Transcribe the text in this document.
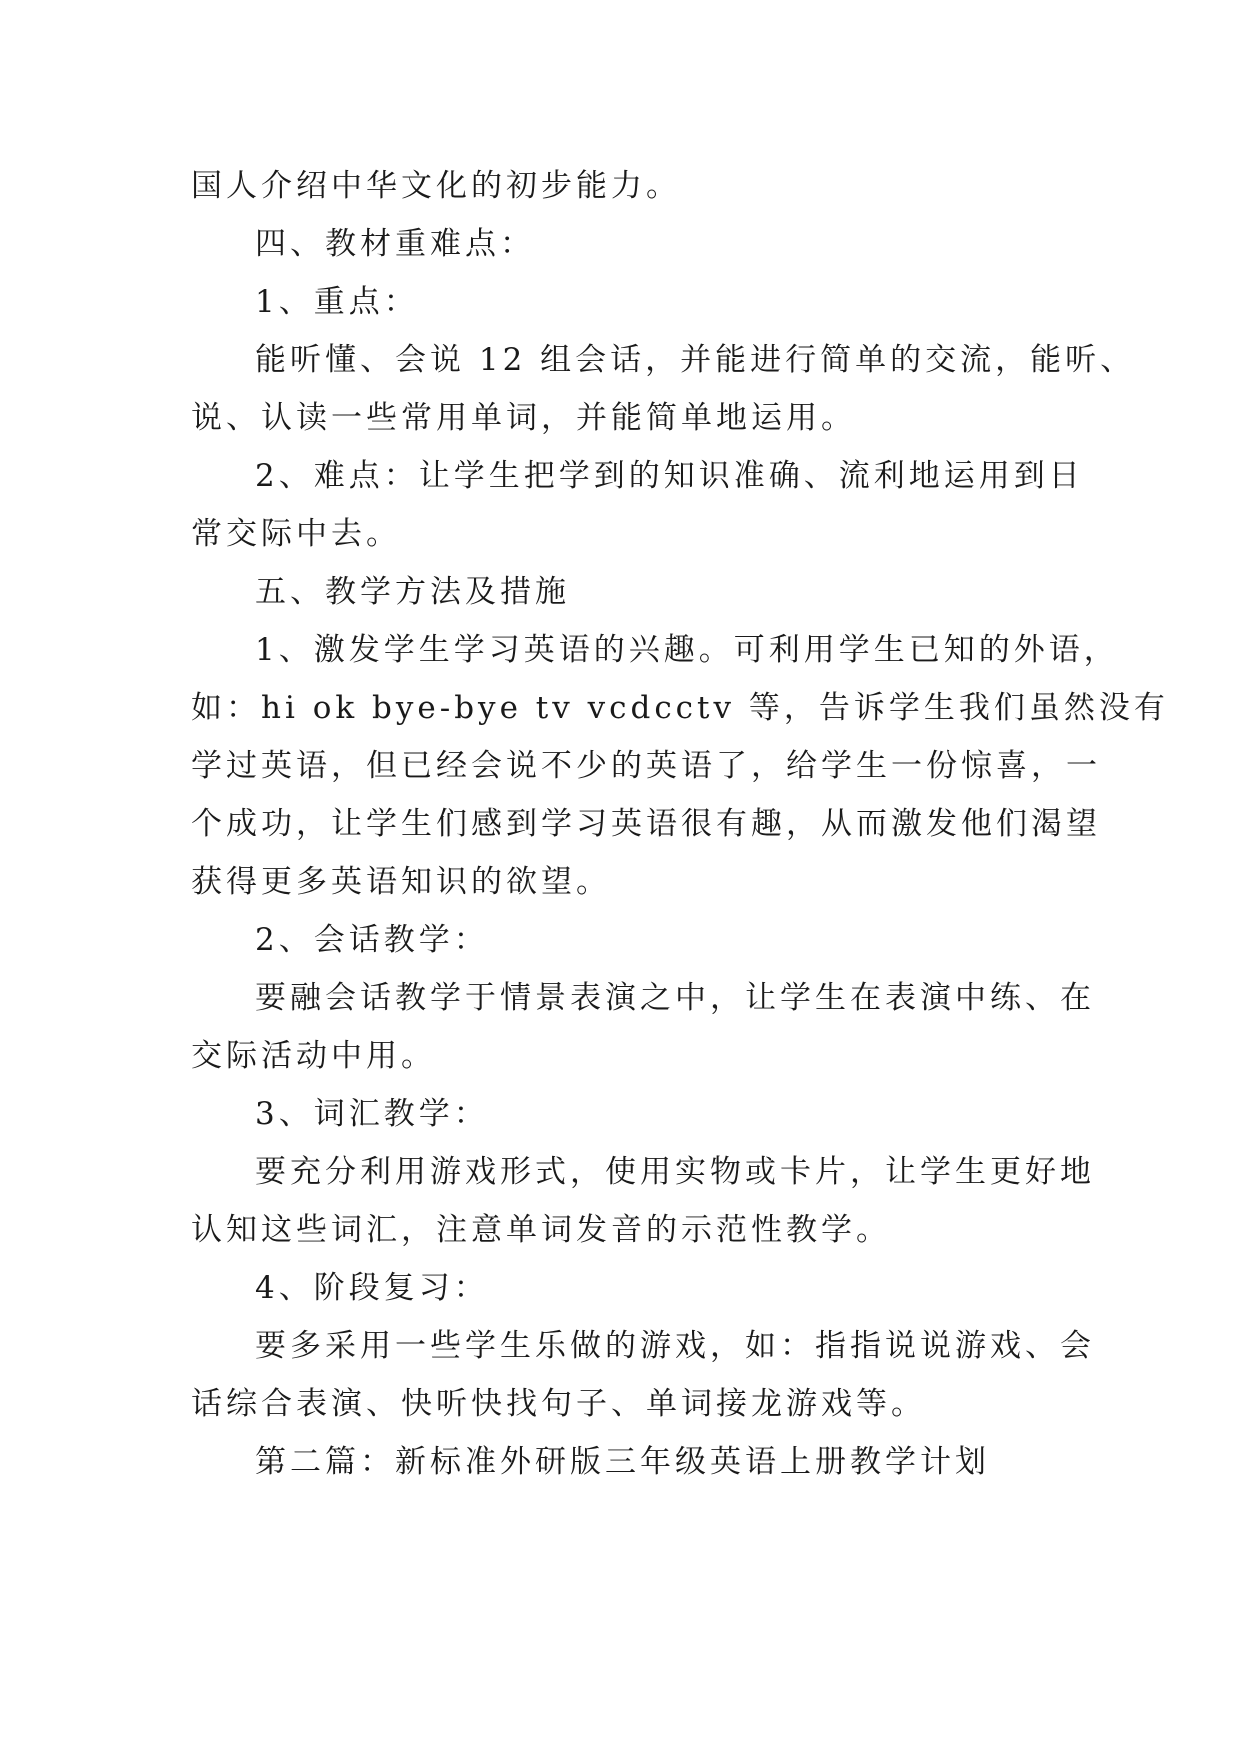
国人介绍中华文化的初步能力。

四、教材重难点：

1、重点：

能听懂、会说 12 组会话，并能进行简单的交流，能听、

说、认读一些常用单词，并能简单地运用。

2、难点：让学生把学到的知识准确、流利地运用到日

常交际中去。

五、教学方法及措施

1、激发学生学习英语的兴趣。可利用学生已知的外语，

如：hi ok bye-bye tv vcdcctv 等，告诉学生我们虽然没有

学过英语，但已经会说不少的英语了，给学生一份惊喜，一

个成功，让学生们感到学习英语很有趣，从而激发他们渴望

获得更多英语知识的欲望。

2、会话教学：

要融会话教学于情景表演之中，让学生在表演中练、在

交际活动中用。

3、词汇教学：

要充分利用游戏形式，使用实物或卡片，让学生更好地

认知这些词汇，注意单词发音的示范性教学。

4、阶段复习：

要多采用一些学生乐做的游戏，如：指指说说游戏、会

话综合表演、快听快找句子、单词接龙游戏等。

第二篇：新标准外研版三年级英语上册教学计划
